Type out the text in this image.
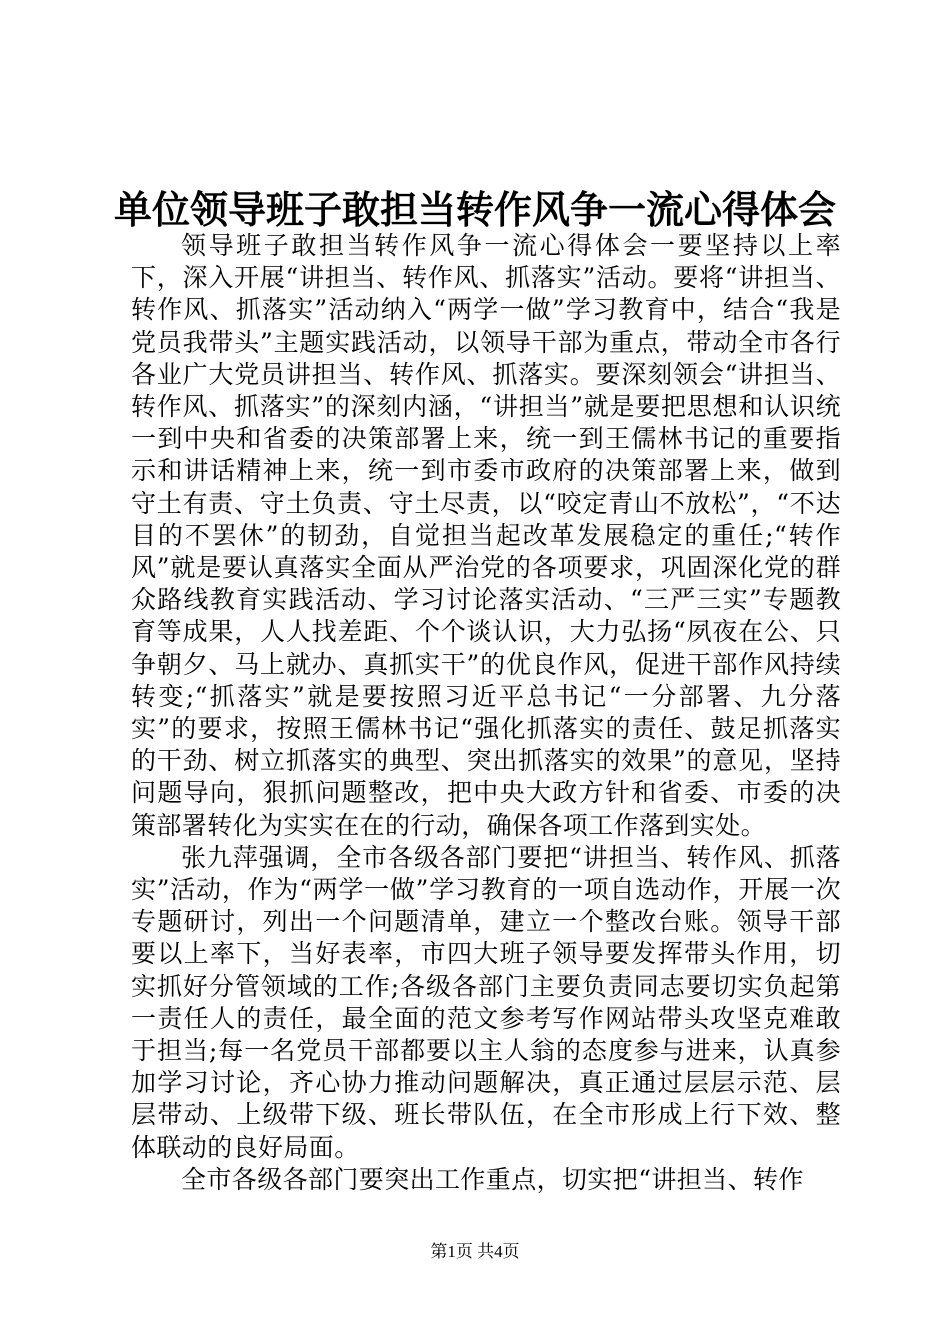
单位领导班子敢担当转作风争一流心得体会

领导班子敢担当转作风争一流心得体会一要坚持以上率下，深入开展“讲担当、转作风、抓落实”活动。要将“讲担当、转作风、抓落实”活动纳入“两学一做”学习教育中，结合“我是党员我带头”主题实践活动，以领导干部为重点，带动全市各行各业广大党员讲担当、转作风、抓落实。要深刻领会“讲担当、转作风、抓落实”的深刻内涵，“讲担当”就是要把思想和认识统一到中央和省委的决策部署上来，统一到王儒林书记的重要指示和讲话精神上来，统一到市委市政府的决策部署上来，做到守土有责、守土负责、守土尽责，以“咬定青山不放松”，“不达目的不罢休”的韧劲，自觉担当起改革发展稳定的重任;“转作风”就是要认真落实全面从严治党的各项要求，巩固深化党的群众路线教育实践活动、学习讨论落实活动、“三严三实”专题教育等成果，人人找差距、个个谈认识，大力弘扬“夙夜在公、只争朝夕、马上就办、真抓实干”的优良作风，促进干部作风持续转变;“抓落实”就是要按照习近平总书记“一分部署、九分落实”的要求，按照王儒林书记“强化抓落实的责任、鼓足抓落实的干劲、树立抓落实的典型、突出抓落实的效果”的意见，坚持问题导向，狠抓问题整改，把中央大政方针和省委、市委的决策部署转化为实实在在的行动，确保各项工作落到实处。

张九萍强调，全市各级各部门要把“讲担当、转作风、抓落实”活动，作为“两学一做”学习教育的一项自选动作，开展一次专题研讨，列出一个问题清单，建立一个整改台账。领导干部要以上率下，当好表率，市四大班子领导要发挥带头作用，切实抓好分管领域的工作;各级各部门主要负责同志要切实负起第一责任人的责任，最全面的范文参考写作网站带头攻坚克难敢于担当;每一名党员干部都要以主人翁的态度参与进来，认真参加学习讨论，齐心协力推动问题解决，真正通过层层示范、层层带动、上级带下级、班长带队伍，在全市形成上行下效、整体联动的良好局面。

全市各级各部门要突出工作重点，切实把“讲担当、转作

第1页 共4页
